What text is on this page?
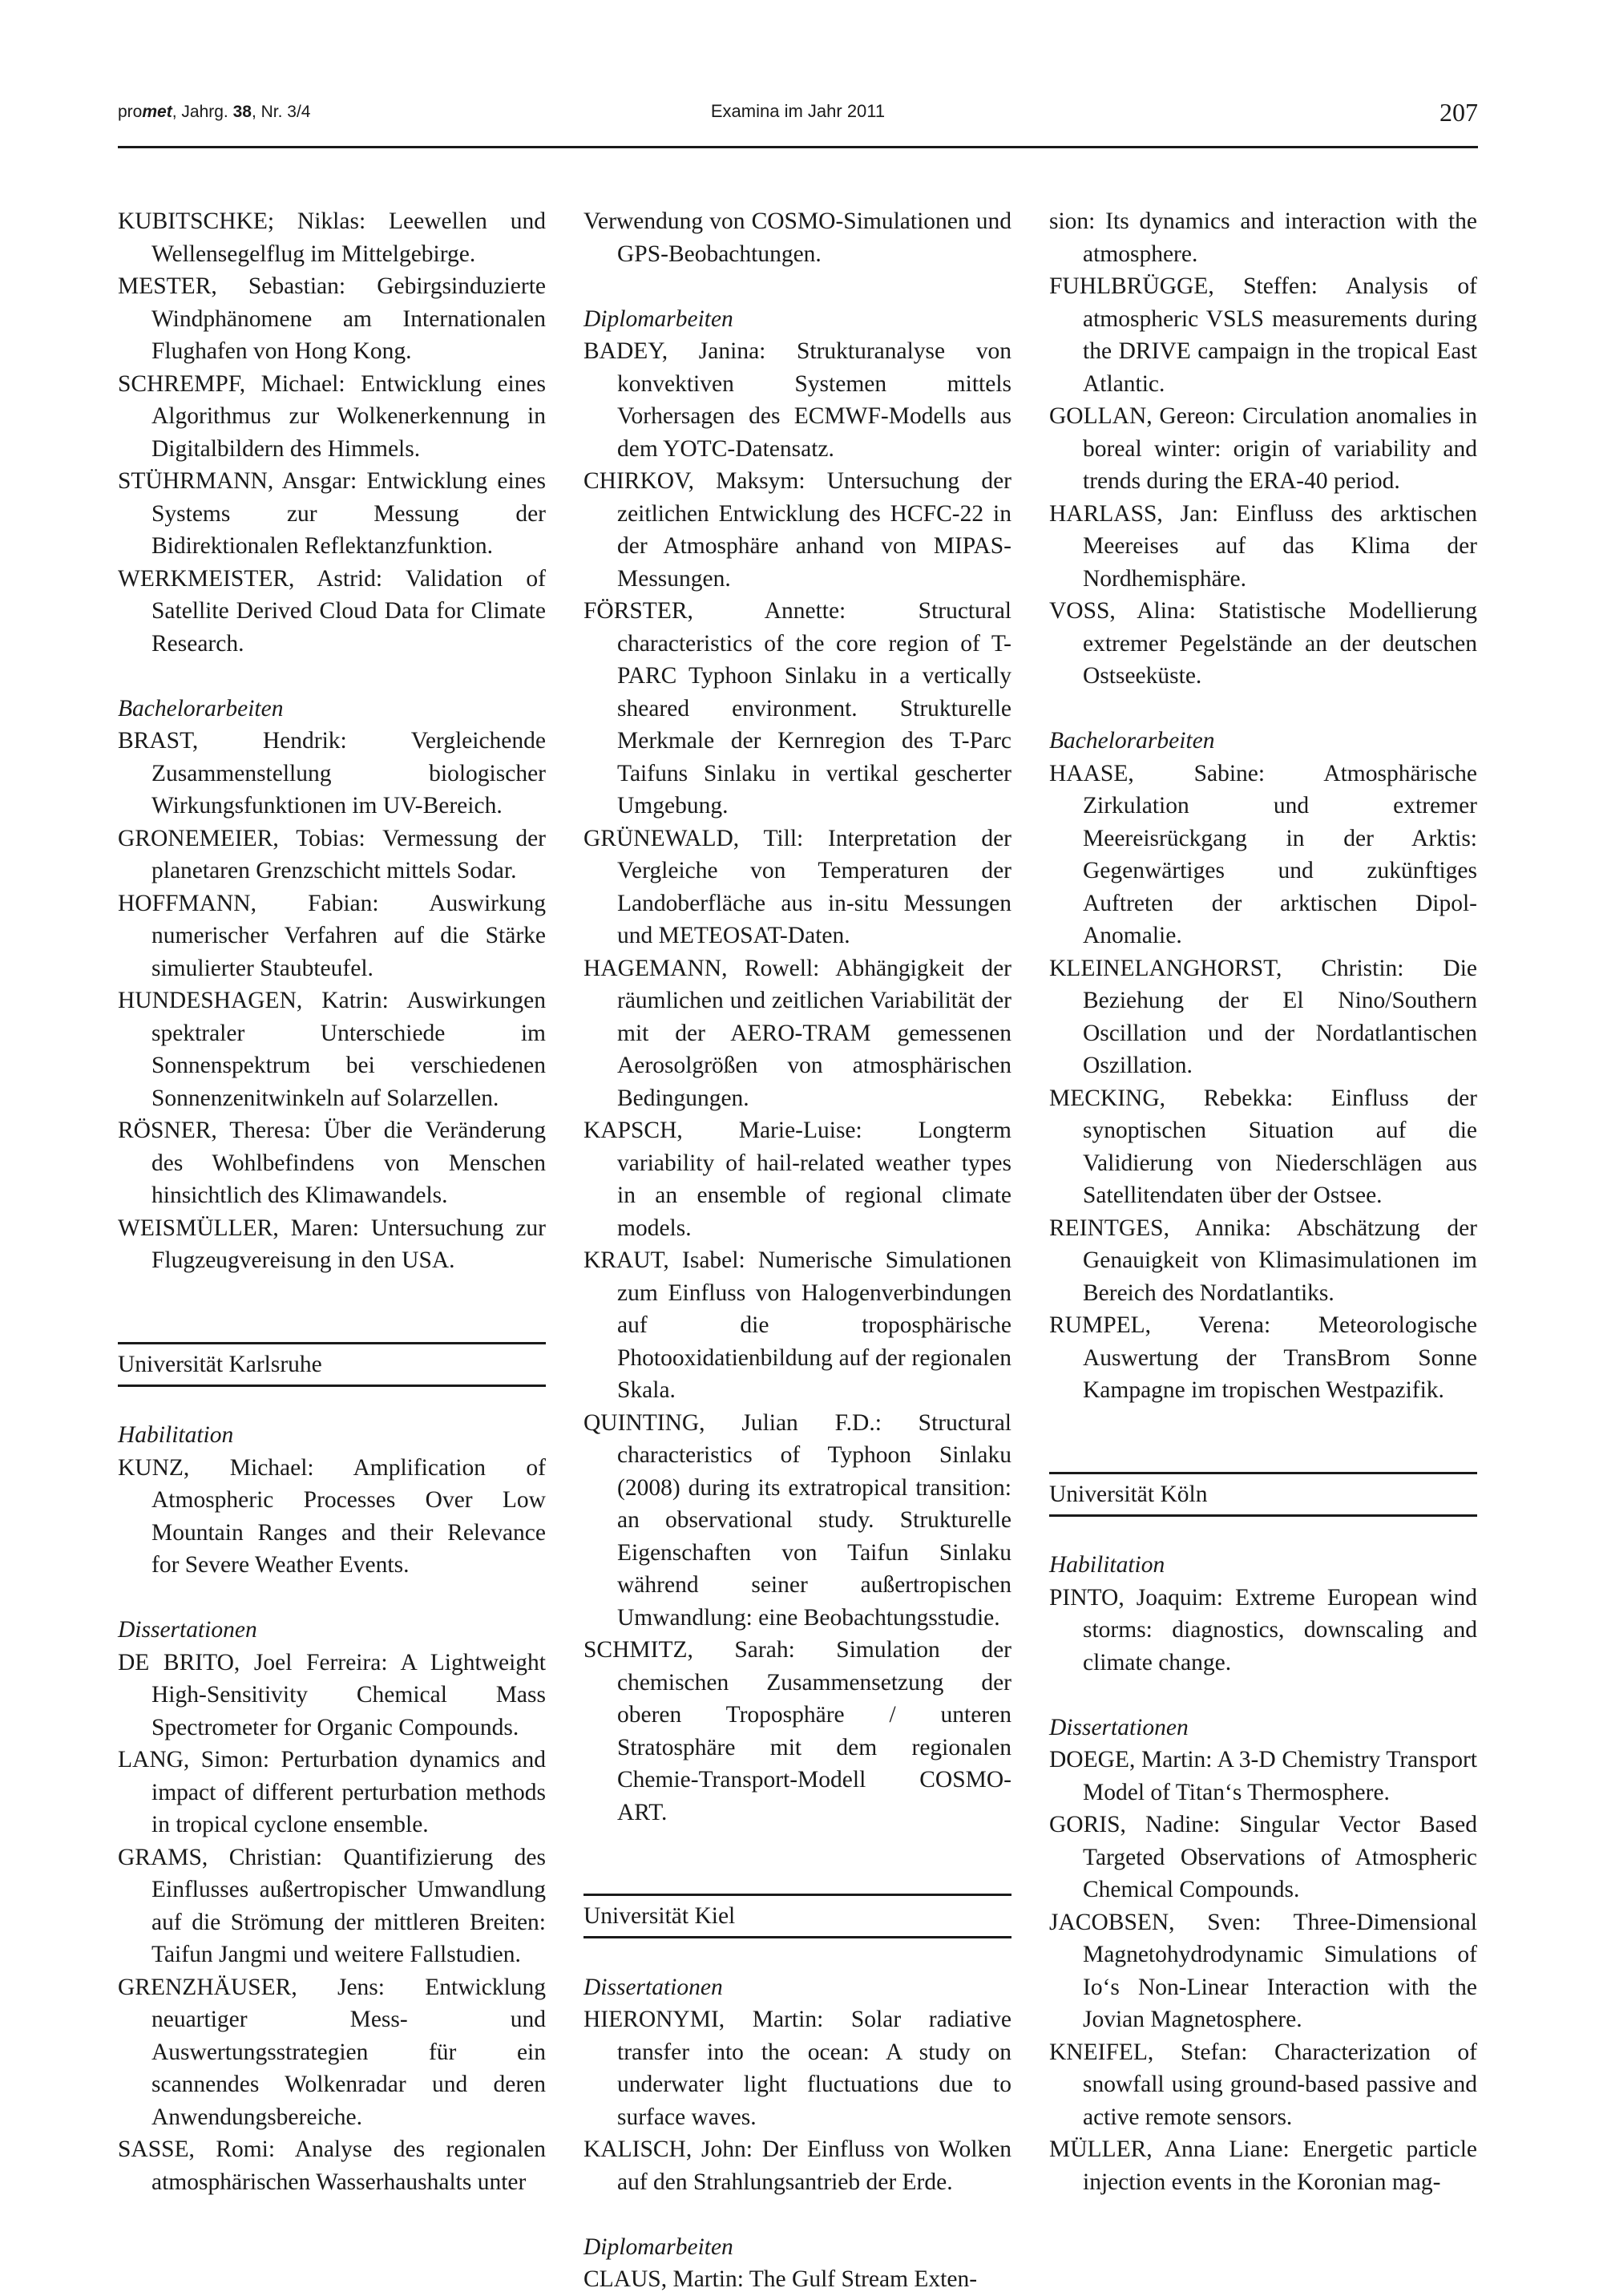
promet, Jahrg. 38, Nr. 3/4	Examina im Jahr 2011	207

KUBITSCHKE; Niklas: Leewellen und Wellensegelflug im Mittelgebirge.

MESTER, Sebastian: Gebirgsinduzierte Windphänomene am Internationalen Flughafen von Hong Kong.

SCHREMPF, Michael: Entwicklung eines Algorithmus zur Wolkenerkennung in Digitalbildern des Himmels.

STÜHRMANN, Ansgar: Entwicklung eines Systems zur Messung der Bidirektionalen Reflektanzfunktion.

WERKMEISTER, Astrid: Validation of Satellite Derived Cloud Data for Climate Research.

Bachelorarbeiten

BRAST, Hendrik: Vergleichende Zusammenstellung biologischer Wirkungsfunktionen im UV-Bereich.

GRONEMEIER, Tobias: Vermessung der planetaren Grenzschicht mittels Sodar.

HOFFMANN, Fabian: Auswirkung numerischer Verfahren auf die Stärke simulierter Staubteufel.

HUNDESHAGEN, Katrin: Auswirkungen spektraler Unterschiede im Sonnenspektrum bei verschiedenen Sonnenzenitwinkeln auf Solarzellen.

RÖSNER, Theresa: Über die Veränderung des Wohlbefindens von Menschen hinsichtlich des Klimawandels.

WEISMÜLLER, Maren: Untersuchung zur Flugzeugvereisung in den USA.

Universität Karlsruhe

Habilitation

KUNZ, Michael: Amplification of Atmospheric Processes Over Low Mountain Ranges and their Relevance for Severe Weather Events.

Dissertationen

DE BRITO, Joel Ferreira: A Lightweight High-Sensitivity Chemical Mass Spectrometer for Organic Compounds.

LANG, Simon: Perturbation dynamics and impact of different perturbation methods in tropical cyclone ensemble.

GRAMS, Christian: Quantifizierung des Einflusses außertropischer Umwandlung auf die Strömung der mittleren Breiten: Taifun Jangmi und weitere Fallstudien.

GRENZHÄUSER, Jens: Entwicklung neuartiger Mess- und Auswertungsstrategien für ein scannendes Wolkenradar und deren Anwendungsbereiche.

SASSE, Romi: Analyse des regionalen atmosphärischen Wasserhaushalts unter

Verwendung von COSMO-Simulationen und GPS-Beobachtungen.

Diplomarbeiten

BADEY, Janina: Strukturanalyse von konvektiven Systemen mittels Vorhersagen des ECMWF-Modells aus dem YOTC-Datensatz.

CHIRKOV, Maksym: Untersuchung der zeitlichen Entwicklung des HCFC-22 in der Atmosphäre anhand von MIPAS-Messungen.

FÖRSTER, Annette: Structural characteristics of the core region of T-PARC Typhoon Sinlaku in a vertically sheared environment. Strukturelle Merkmale der Kernregion des T-Parc Taifuns Sinlaku in vertikal gescherter Umgebung.

GRÜNEWALD, Till: Interpretation der Vergleiche von Temperaturen der Landoberfläche aus in-situ Messungen und METEOSAT-Daten.

HAGEMANN, Rowell: Abhängigkeit der räumlichen und zeitlichen Variabilität der mit der AERO-TRAM gemessenen Aerosolgrößen von atmosphärischen Bedingungen.

KAPSCH, Marie-Luise: Longterm variability of hail-related weather types in an ensemble of regional climate models.

KRAUT, Isabel: Numerische Simulationen zum Einfluss von Halogenverbindungen auf die troposphärische Photooxidatienbildung auf der regionalen Skala.

QUINTING, Julian F.D.: Structural characteristics of Typhoon Sinlaku (2008) during its extratropical transition: an observational study. Strukturelle Eigenschaften von Taifun Sinlaku während seiner außertropischen Umwandlung: eine Beobachtungsstudie.

SCHMITZ, Sarah: Simulation der chemischen Zusammensetzung der oberen Troposphäre / unteren Stratosphäre mit dem regionalen Chemie-Transport-Modell COSMO-ART.

Universität Kiel

Dissertationen

HIERONYMI, Martin: Solar radiative transfer into the ocean: A study on underwater light fluctuations due to surface waves.

KALISCH, John: Der Einfluss von Wolken auf den Strahlungsantrieb der Erde.

Diplomarbeiten

CLAUS, Martin: The Gulf Stream Exten-

sion: Its dynamics and interaction with the atmosphere.

FUHLBRÜGGE, Steffen: Analysis of atmospheric VSLS measurements during the DRIVE campaign in the tropical East Atlantic.

GOLLAN, Gereon: Circulation anomalies in boreal winter: origin of variability and trends during the ERA-40 period.

HARLASS, Jan: Einfluss des arktischen Meereises auf das Klima der Nordhemisphäre.

VOSS, Alina: Statistische Modellierung extremer Pegelstände an der deutschen Ostseeküste.

Bachelorarbeiten

HAASE, Sabine: Atmosphärische Zirkulation und extremer Meereisrückgang in der Arktis: Gegenwärtiges und zukünftiges Auftreten der arktischen Dipol-Anomalie.

KLEINELANGHORST, Christin: Die Beziehung der El Nino/Southern Oscillation und der Nordatlantischen Oszillation.

MECKING, Rebekka: Einfluss der synoptischen Situation auf die Validierung von Niederschlägen aus Satellitendaten über der Ostsee.

REINTGES, Annika: Abschätzung der Genauigkeit von Klimasimulationen im Bereich des Nordatlantiks.

RUMPEL, Verena: Meteorologische Auswertung der TransBrom Sonne Kampagne im tropischen Westpazifik.

Universität Köln

Habilitation

PINTO, Joaquim: Extreme European wind storms: diagnostics, downscaling and climate change.

Dissertationen

DOEGE, Martin: A 3-D Chemistry Transport Model of Titan‘s Thermosphere.

GORIS, Nadine: Singular Vector Based Targeted Observations of Atmospheric Chemical Compounds.

JACOBSEN, Sven: Three-Dimensional Magnetohydrodynamic Simulations of Io‘s Non-Linear Interaction with the Jovian Magnetosphere.

KNEIFEL, Stefan: Characterization of snowfall using ground-based passive and active remote sensors.

MÜLLER, Anna Liane: Energetic particle injection events in the Koronian mag-
